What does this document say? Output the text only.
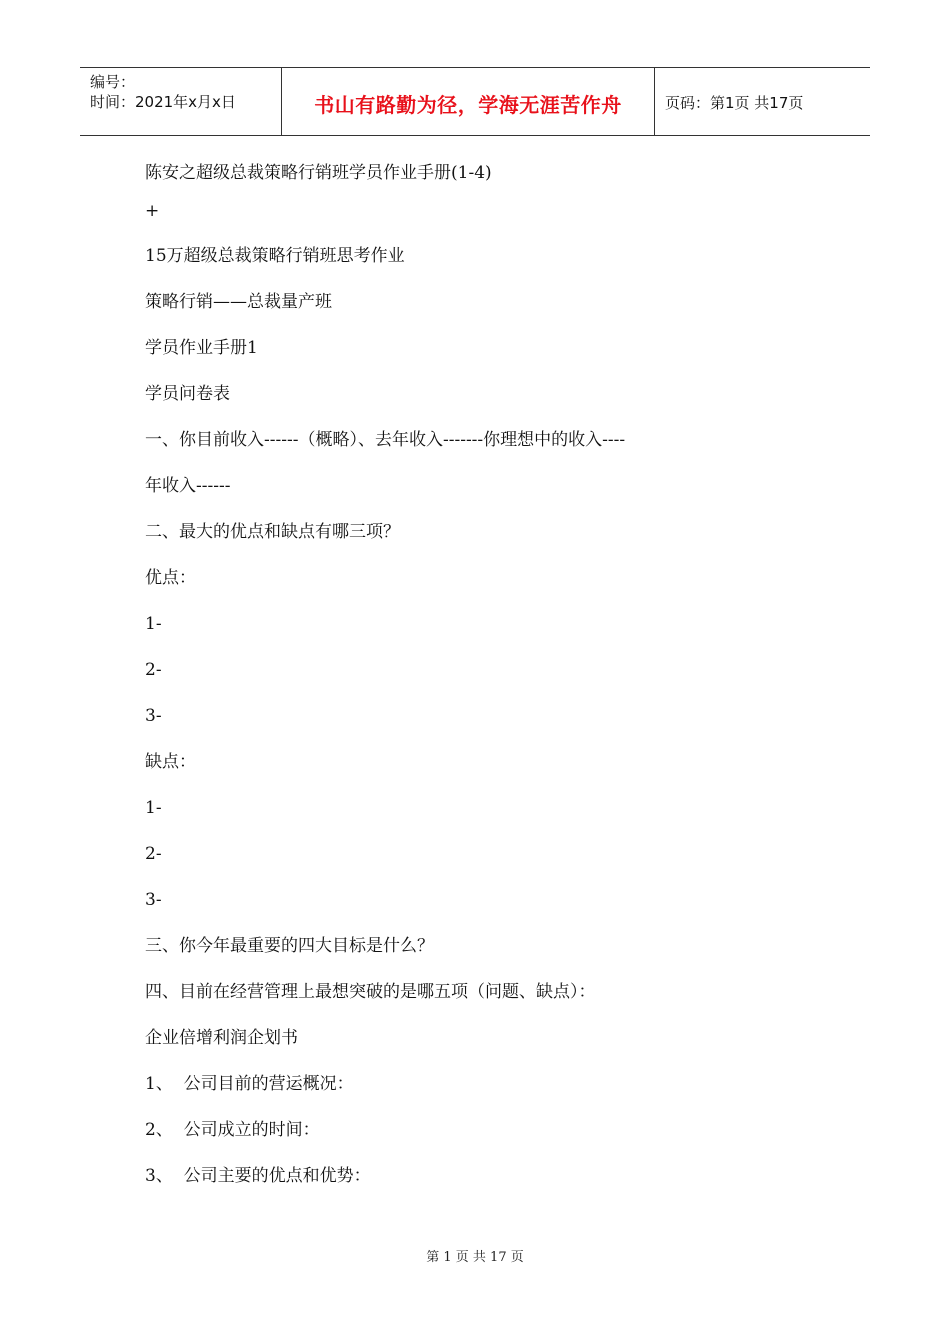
编号：
时间：2021年x月x日	书山有路勤为径，学海无涯苦作舟	页码：第1页 共17页
陈安之超级总裁策略行销班学员作业手册(1-4)
+
15万超级总裁策略行销班思考作业
策略行销——总裁量产班
学员作业手册1
学员问卷表
一、你目前收入------（概略）、去年收入-------你理想中的收入----
年收入------
二、最大的优点和缺点有哪三项？
优点：
1-
2-
3-
缺点：
1-
2-
3-
三、你今年最重要的四大目标是什么？
四、目前在经营管理上最想突破的是哪五项（问题、缺点）：
企业倍增利润企划书
1、  公司目前的营运概况：
2、  公司成立的时间：
3、  公司主要的优点和优势：
第 1 页 共 17 页
